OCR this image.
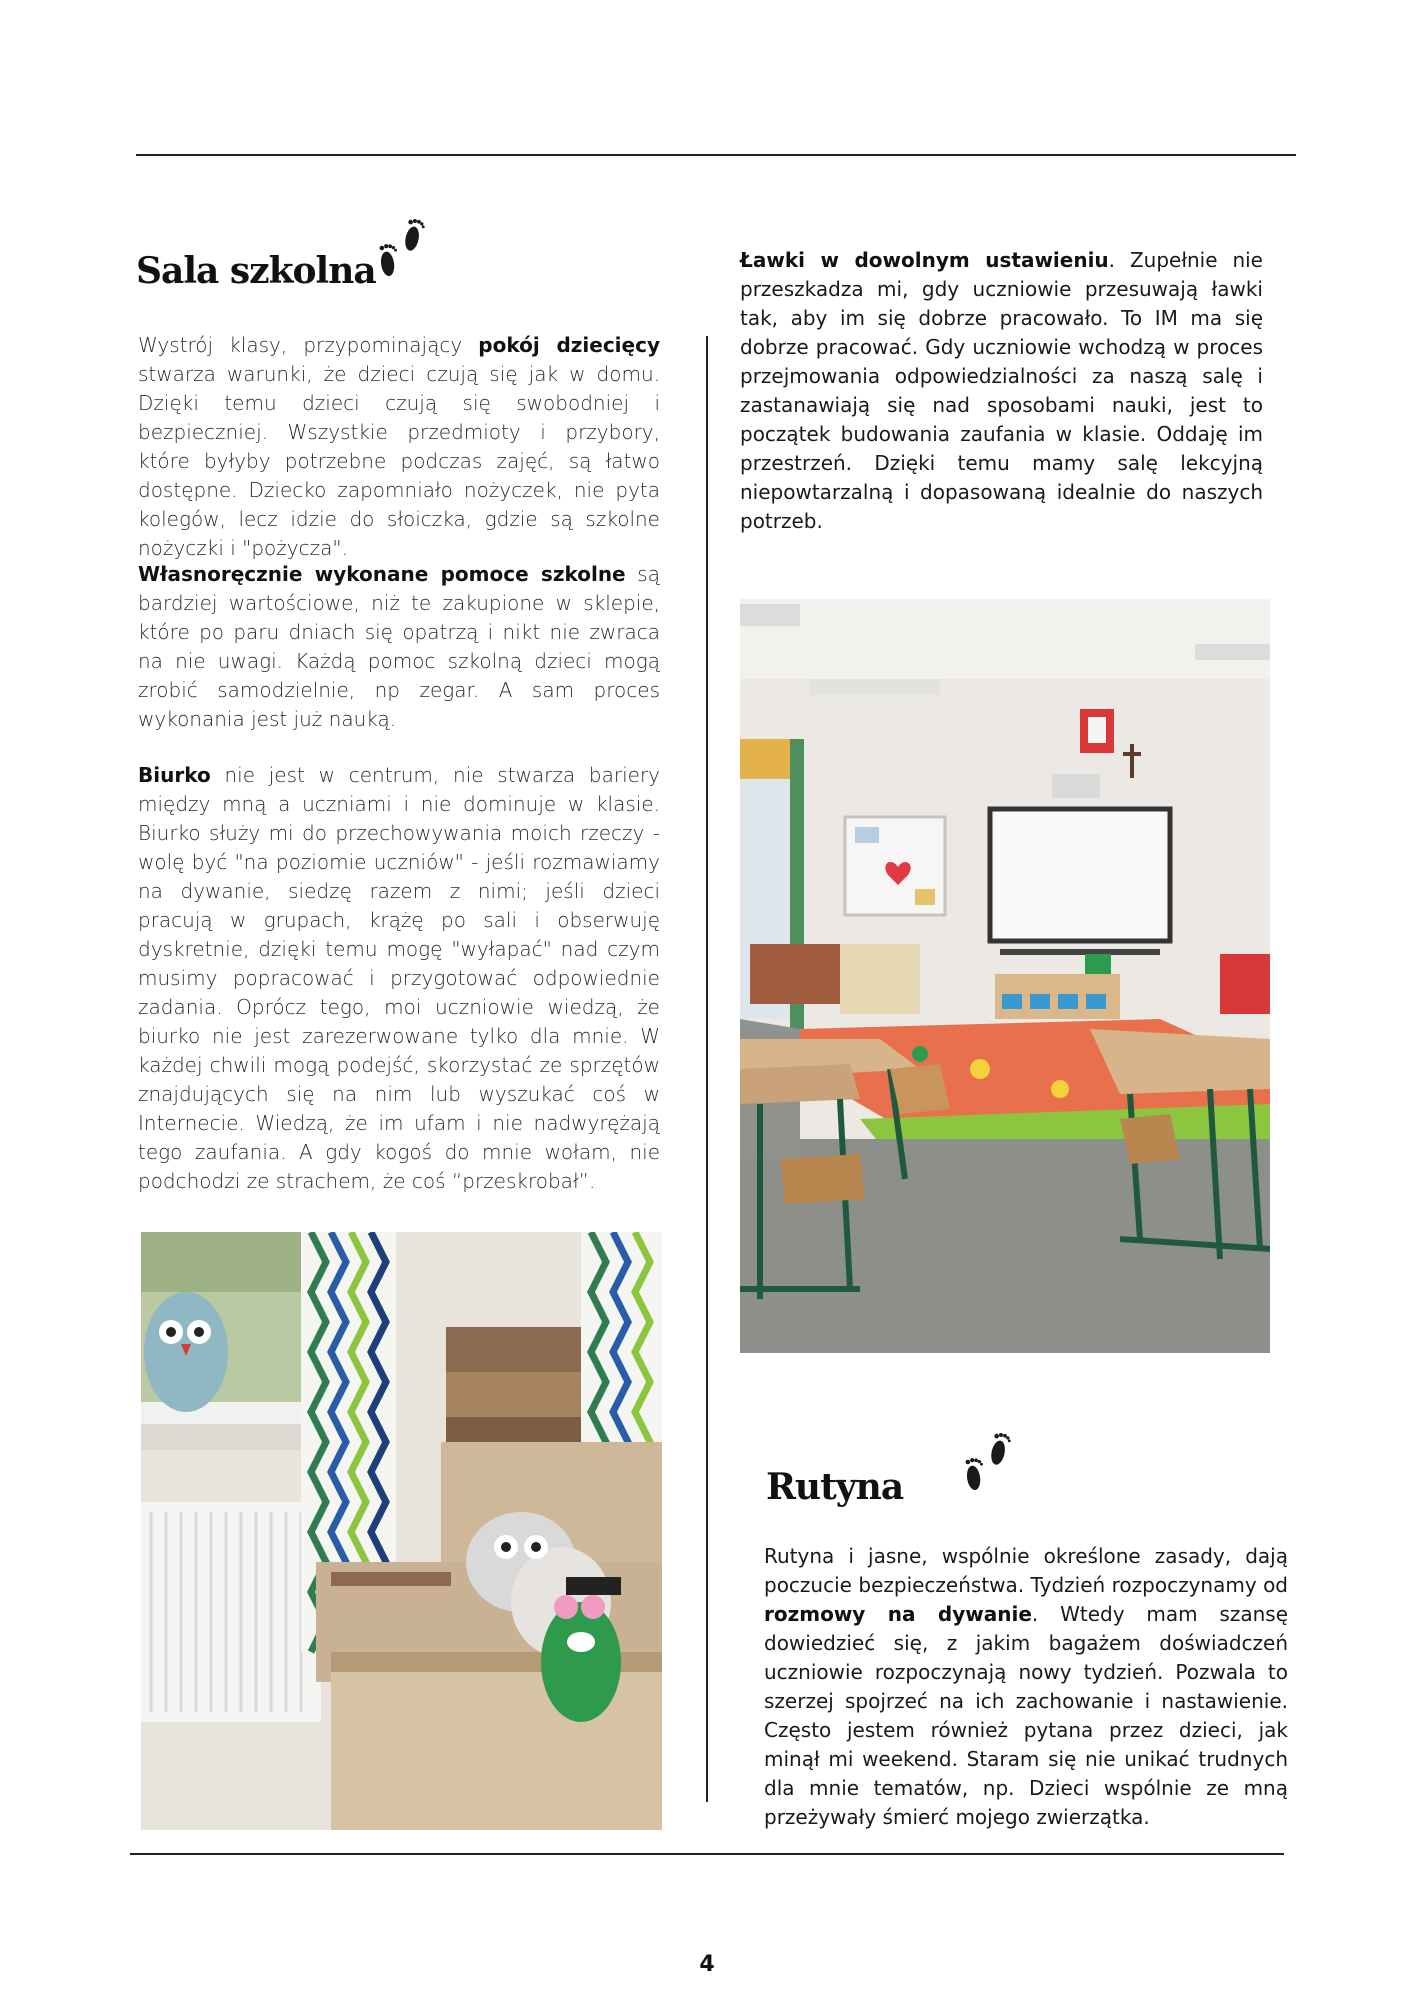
Sala szkolna

Wystrój klasy, przypominający pokój dziecięcy stwarza warunki, że dzieci czują się jak w domu. Dzięki temu dzieci czują się swobodniej i bezpieczniej. Wszystkie przedmioty i przybory, które byłyby potrzebne podczas zajęć, są łatwo dostępne. Dziecko zapomniało nożyczek, nie pyta kolegów, lecz idzie do słoiczka, gdzie są szkolne nożyczki i "pożycza".

Własnoręcznie wykonane pomoce szkolne są bardziej wartościowe, niż te zakupione w sklepie, które po paru dniach się opatrzą i nikt nie zwraca na nie uwagi. Każdą pomoc szkolną dzieci mogą zrobić samodzielnie, np zegar. A sam proces wykonania jest już nauką.

Biurko nie jest w centrum, nie stwarza bariery między mną a uczniami i nie dominuje w klasie. Biurko służy mi do przechowywania moich rzeczy - wolę być "na poziomie uczniów" - jeśli rozmawiamy na dywanie, siedzę razem z nimi; jeśli dzieci pracują w grupach, krążę po sali i obserwuję dyskretnie, dzięki temu mogę "wyłapać" nad czym musimy popracować i przygotować odpowiednie zadania. Oprócz tego, moi uczniowie wiedzą, że biurko nie jest zarezerwowane tylko dla mnie. W każdej chwili mogą podejść, skorzystać ze sprzętów znajdujących się na nim lub wyszukać coś w Internecie. Wiedzą, że im ufam i nie nadwyrężają tego zaufania. A gdy kogoś do mnie wołam, nie podchodzi ze strachem, że coś “przeskrobał”.

Ławki w dowolnym ustawieniu. Zupełnie nie przeszkadza mi, gdy uczniowie przesuwają ławki tak, aby im się dobrze pracowało. To IM ma się dobrze pracować. Gdy uczniowie wchodzą w proces przejmowania odpowiedzialności za naszą salę i zastanawiają się nad sposobami nauki, jest to początek budowania zaufania w klasie. Oddaję im przestrzeń. Dzięki temu mamy salę lekcyjną niepowtarzalną i dopasowaną idealnie do naszych potrzeb.

Rutyna

Rutyna i jasne, wspólnie określone zasady, dają poczucie bezpieczeństwa. Tydzień rozpoczynamy od rozmowy na dywanie. Wtedy mam szansę dowiedzieć się, z jakim bagażem doświadczeń uczniowie rozpoczynają nowy tydzień. Pozwala to szerzej spojrzeć na ich zachowanie i nastawienie. Często jestem również pytana przez dzieci, jak minął mi weekend. Staram się nie unikać trudnych dla mnie tematów, np. Dzieci wspólnie ze mną przeżywały śmierć mojego zwierzątka.

4
